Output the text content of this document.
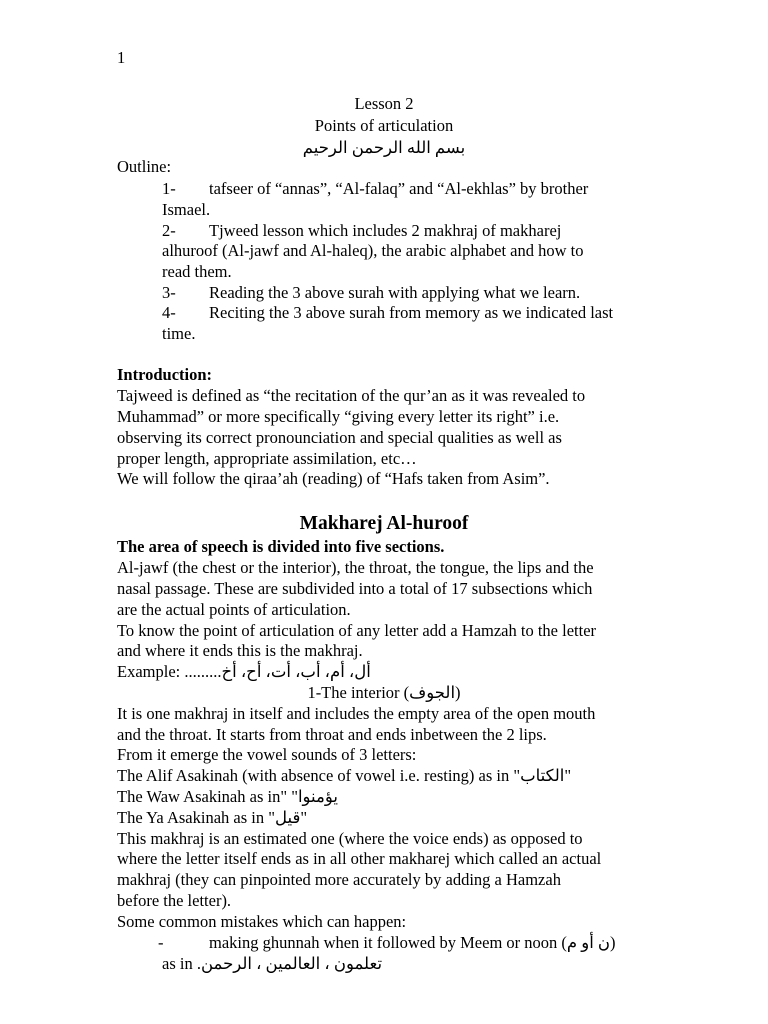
1
Lesson 2
Points of articulation
بسم الله الرحمن الرحيم
Outline:
1- tafseer of “annas”, “Al-falaq” and “Al-ekhlas” by brother
Ismael.
2- Tjweed lesson which includes 2 makhraj of makharej
alhuroof (Al-jawf and Al-haleq), the arabic alphabet and how to
read them.
3- Reading the 3 above surah with applying what we learn.
4- Reciting the 3 above surah from memory as we indicated last
time.
Introduction:
Tajweed is defined as “the recitation of the qur’an as it was revealed to
Muhammad” or more specifically “giving every letter its right” i.e.
observing its correct pronounciation and special qualities as well as
proper length, appropriate assimilation, etc…
We will follow the qiraa’ah (reading) of “Hafs taken from Asim”.
Makharej Al-huroof
The area of speech is divided into five sections.
Al-jawf (the chest or the interior), the throat, the tongue, the lips and the
nasal passage. These are subdivided into a total of 17 subsections which
are the actual points of articulation.
To know the point of articulation of any letter add a Hamzah to the letter
and where it ends this is the makhraj.
Example: أل، أم، أب، أت، أح، أخ.........
1-The interior (الجوف)
It is one makhraj in itself and includes the empty area of the open mouth
and the throat. It starts from throat and ends inbetween the 2 lips.
From it emerge the vowel sounds of 3 letters:
The Alif Asakinah (with absence of vowel i.e. resting) as in "الكتاب"
The Waw Asakinah as in" "يؤمنوا
The Ya Asakinah as in "قيل"
This makhraj is an estimated one (where the voice ends) as opposed to
where the letter itself ends as in all other makharej which called an actual
makhraj (they can pinpointed more accurately by adding a Hamzah
before the letter).
Some common mistakes which can happen:
-	making ghunnah when it followed by Meem or noon (ن أو م)
as in تعلمون ، العالمين ، الرحمن.
